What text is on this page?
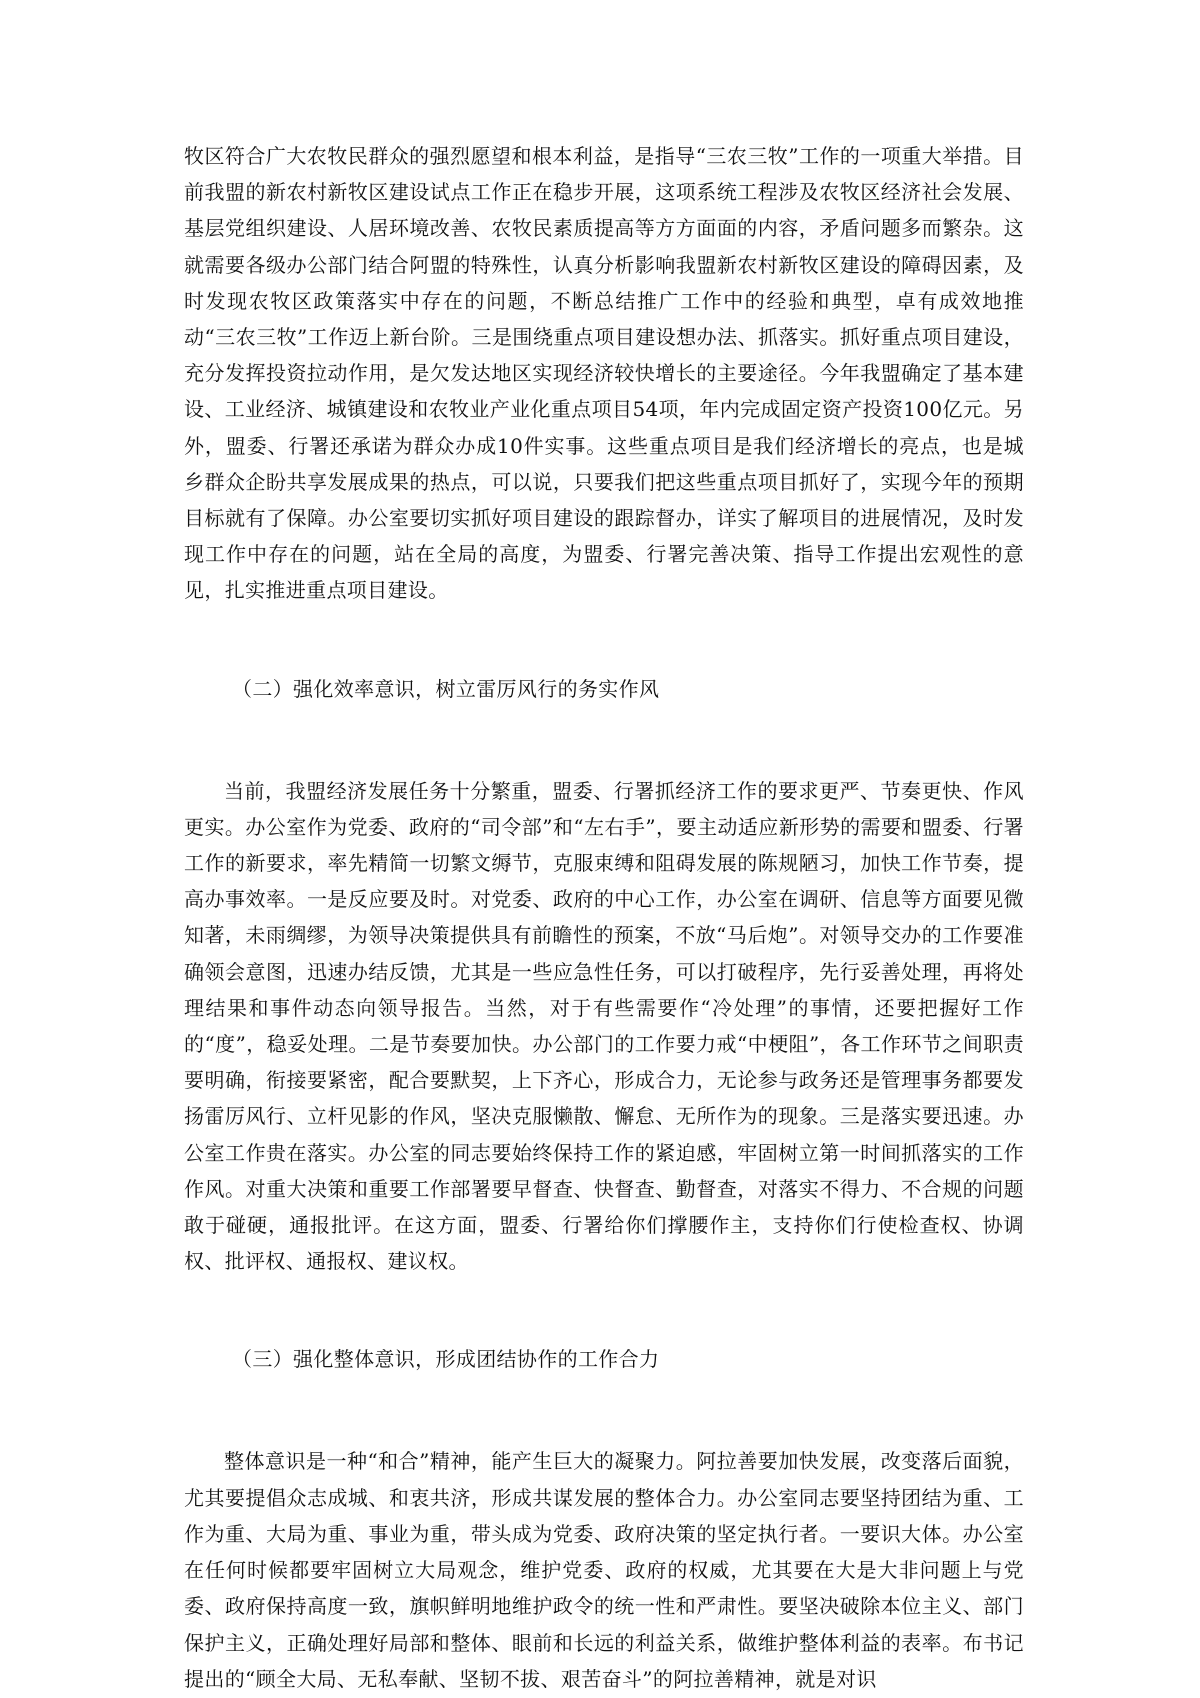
牧区符合广大农牧民群众的强烈愿望和根本利益，是指导“三农三牧”工作的一项重大举措。目前我盟的新农村新牧区建设试点工作正在稳步开展，这项系统工程涉及农牧区经济社会发展、基层党组织建设、人居环境改善、农牧民素质提高等方方面面的内容，矛盾问题多而繁杂。这就需要各级办公部门结合阿盟的特殊性，认真分析影响我盟新农村新牧区建设的障碍因素，及时发现农牧区政策落实中存在的问题，不断总结推广工作中的经验和典型，卓有成效地推动“三农三牧”工作迈上新台阶。三是围绕重点项目建设想办法、抓落实。抓好重点项目建设，充分发挥投资拉动作用，是欠发达地区实现经济较快增长的主要途径。今年我盟确定了基本建设、工业经济、城镇建设和农牧业产业化重点项目54项，年内完成固定资产投资100亿元。另外，盟委、行署还承诺为群众办成10件实事。这些重点项目是我们经济增长的亮点，也是城乡群众企盼共享发展成果的热点，可以说，只要我们把这些重点项目抓好了，实现今年的预期目标就有了保障。办公室要切实抓好项目建设的跟踪督办，详实了解项目的进展情况，及时发现工作中存在的问题，站在全局的高度，为盟委、行署完善决策、指导工作提出宏观性的意见，扎实推进重点项目建设。

（二）强化效率意识，树立雷厉风行的务实作风

当前，我盟经济发展任务十分繁重，盟委、行署抓经济工作的要求更严、节奏更快、作风更实。办公室作为党委、政府的“司令部”和“左右手”，要主动适应新形势的需要和盟委、行署工作的新要求，率先精简一切繁文缛节，克服束缚和阻碍发展的陈规陋习，加快工作节奏，提高办事效率。一是反应要及时。对党委、政府的中心工作，办公室在调研、信息等方面要见微知著，未雨绸缪，为领导决策提供具有前瞻性的预案，不放“马后炮”。对领导交办的工作要准确领会意图，迅速办结反馈，尤其是一些应急性任务，可以打破程序，先行妥善处理，再将处理结果和事件动态向领导报告。当然，对于有些需要作“冷处理”的事情，还要把握好工作的“度”，稳妥处理。二是节奏要加快。办公部门的工作要力戒“中梗阻”，各工作环节之间职责要明确，衔接要紧密，配合要默契，上下齐心，形成合力，无论参与政务还是管理事务都要发扬雷厉风行、立杆见影的作风，坚决克服懒散、懈怠、无所作为的现象。三是落实要迅速。办公室工作贵在落实。办公室的同志要始终保持工作的紧迫感，牢固树立第一时间抓落实的工作作风。对重大决策和重要工作部署要早督查、快督查、勤督查，对落实不得力、不合规的问题敢于碰硬，通报批评。在这方面，盟委、行署给你们撑腰作主，支持你们行使检查权、协调权、批评权、通报权、建议权。

（三）强化整体意识，形成团结协作的工作合力

整体意识是一种“和合”精神，能产生巨大的凝聚力。阿拉善要加快发展，改变落后面貌，尤其要提倡众志成城、和衷共济，形成共谋发展的整体合力。办公室同志要坚持团结为重、工作为重、大局为重、事业为重，带头成为党委、政府决策的坚定执行者。一要识大体。办公室在任何时候都要牢固树立大局观念，维护党委、政府的权威，尤其要在大是大非问题上与党委、政府保持高度一致，旗帜鲜明地维护政令的统一性和严肃性。要坚决破除本位主义、部门保护主义，正确处理好局部和整体、眼前和长远的利益关系，做维护整体利益的表率。布书记提出的“顾全大局、无私奉献、坚韧不拔、艰苦奋斗”的阿拉善精神，就是对识
